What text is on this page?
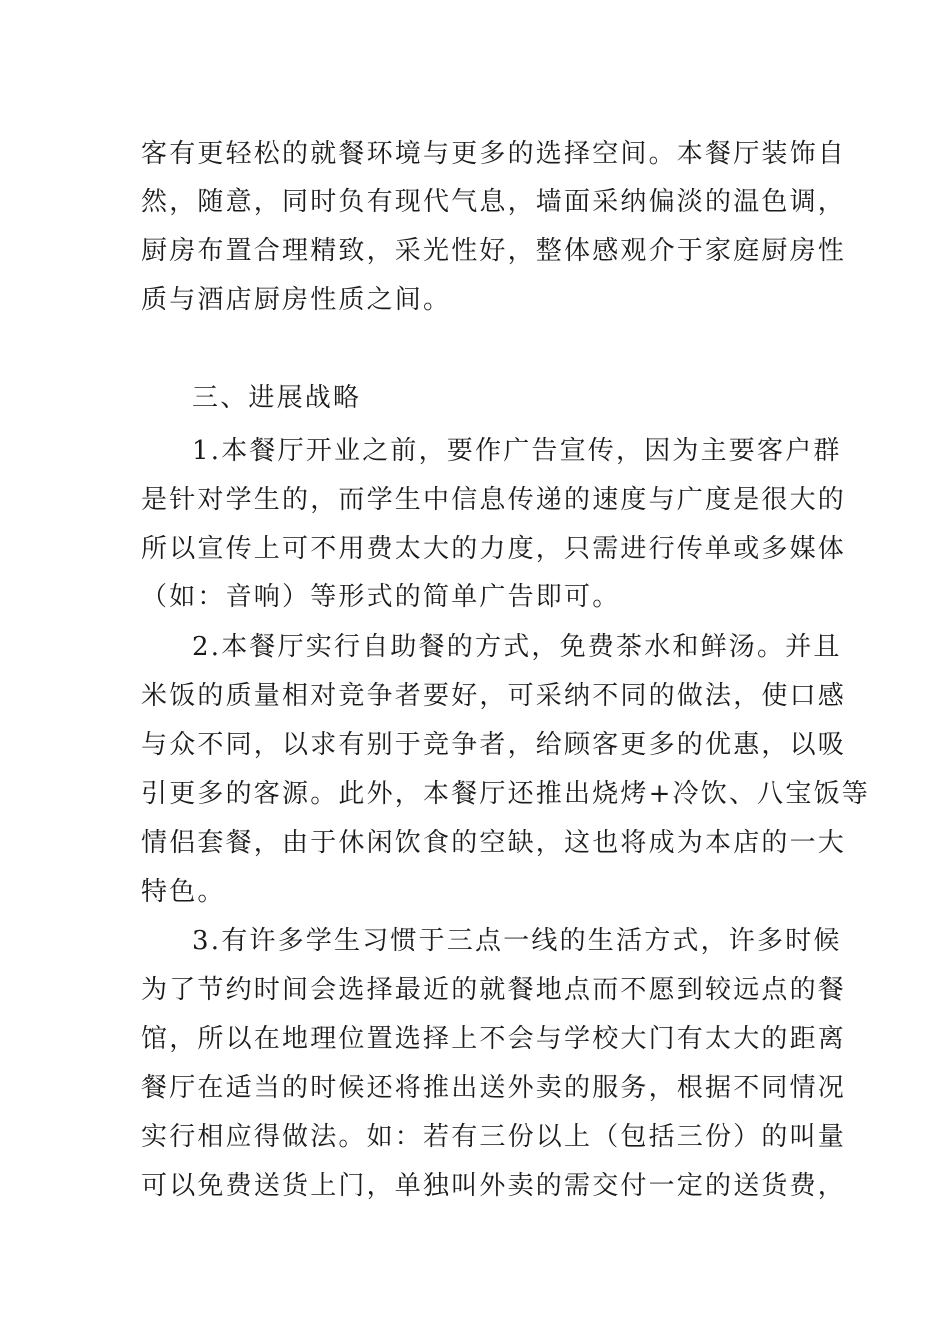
客有更轻松的就餐环境与更多的选择空间。本餐厅装饰自
然，随意，同时负有现代气息，墙面采纳偏淡的温色调，
厨房布置合理精致，采光性好，整体感观介于家庭厨房性
质与酒店厨房性质之间。
三、进展战略
1.本餐厅开业之前，要作广告宣传，因为主要客户群
是针对学生的，而学生中信息传递的速度与广度是很大的
所以宣传上可不用费太大的力度，只需进行传单或多媒体
（如：音响）等形式的简单广告即可。
2.本餐厅实行自助餐的方式，免费茶水和鲜汤。并且
米饭的质量相对竞争者要好，可采纳不同的做法，使口感
与众不同，以求有别于竞争者，给顾客更多的优惠，以吸
引更多的客源。此外，本餐厅还推出烧烤+冷饮、八宝饭等
情侣套餐，由于休闲饮食的空缺，这也将成为本店的一大
特色。
3.有许多学生习惯于三点一线的生活方式，许多时候
为了节约时间会选择最近的就餐地点而不愿到较远点的餐
馆，所以在地理位置选择上不会与学校大门有太大的距离
餐厅在适当的时候还将推出送外卖的服务，根据不同情况
实行相应得做法。如：若有三份以上（包括三份）的叫量
可以免费送货上门，单独叫外卖的需交付一定的送货费，
